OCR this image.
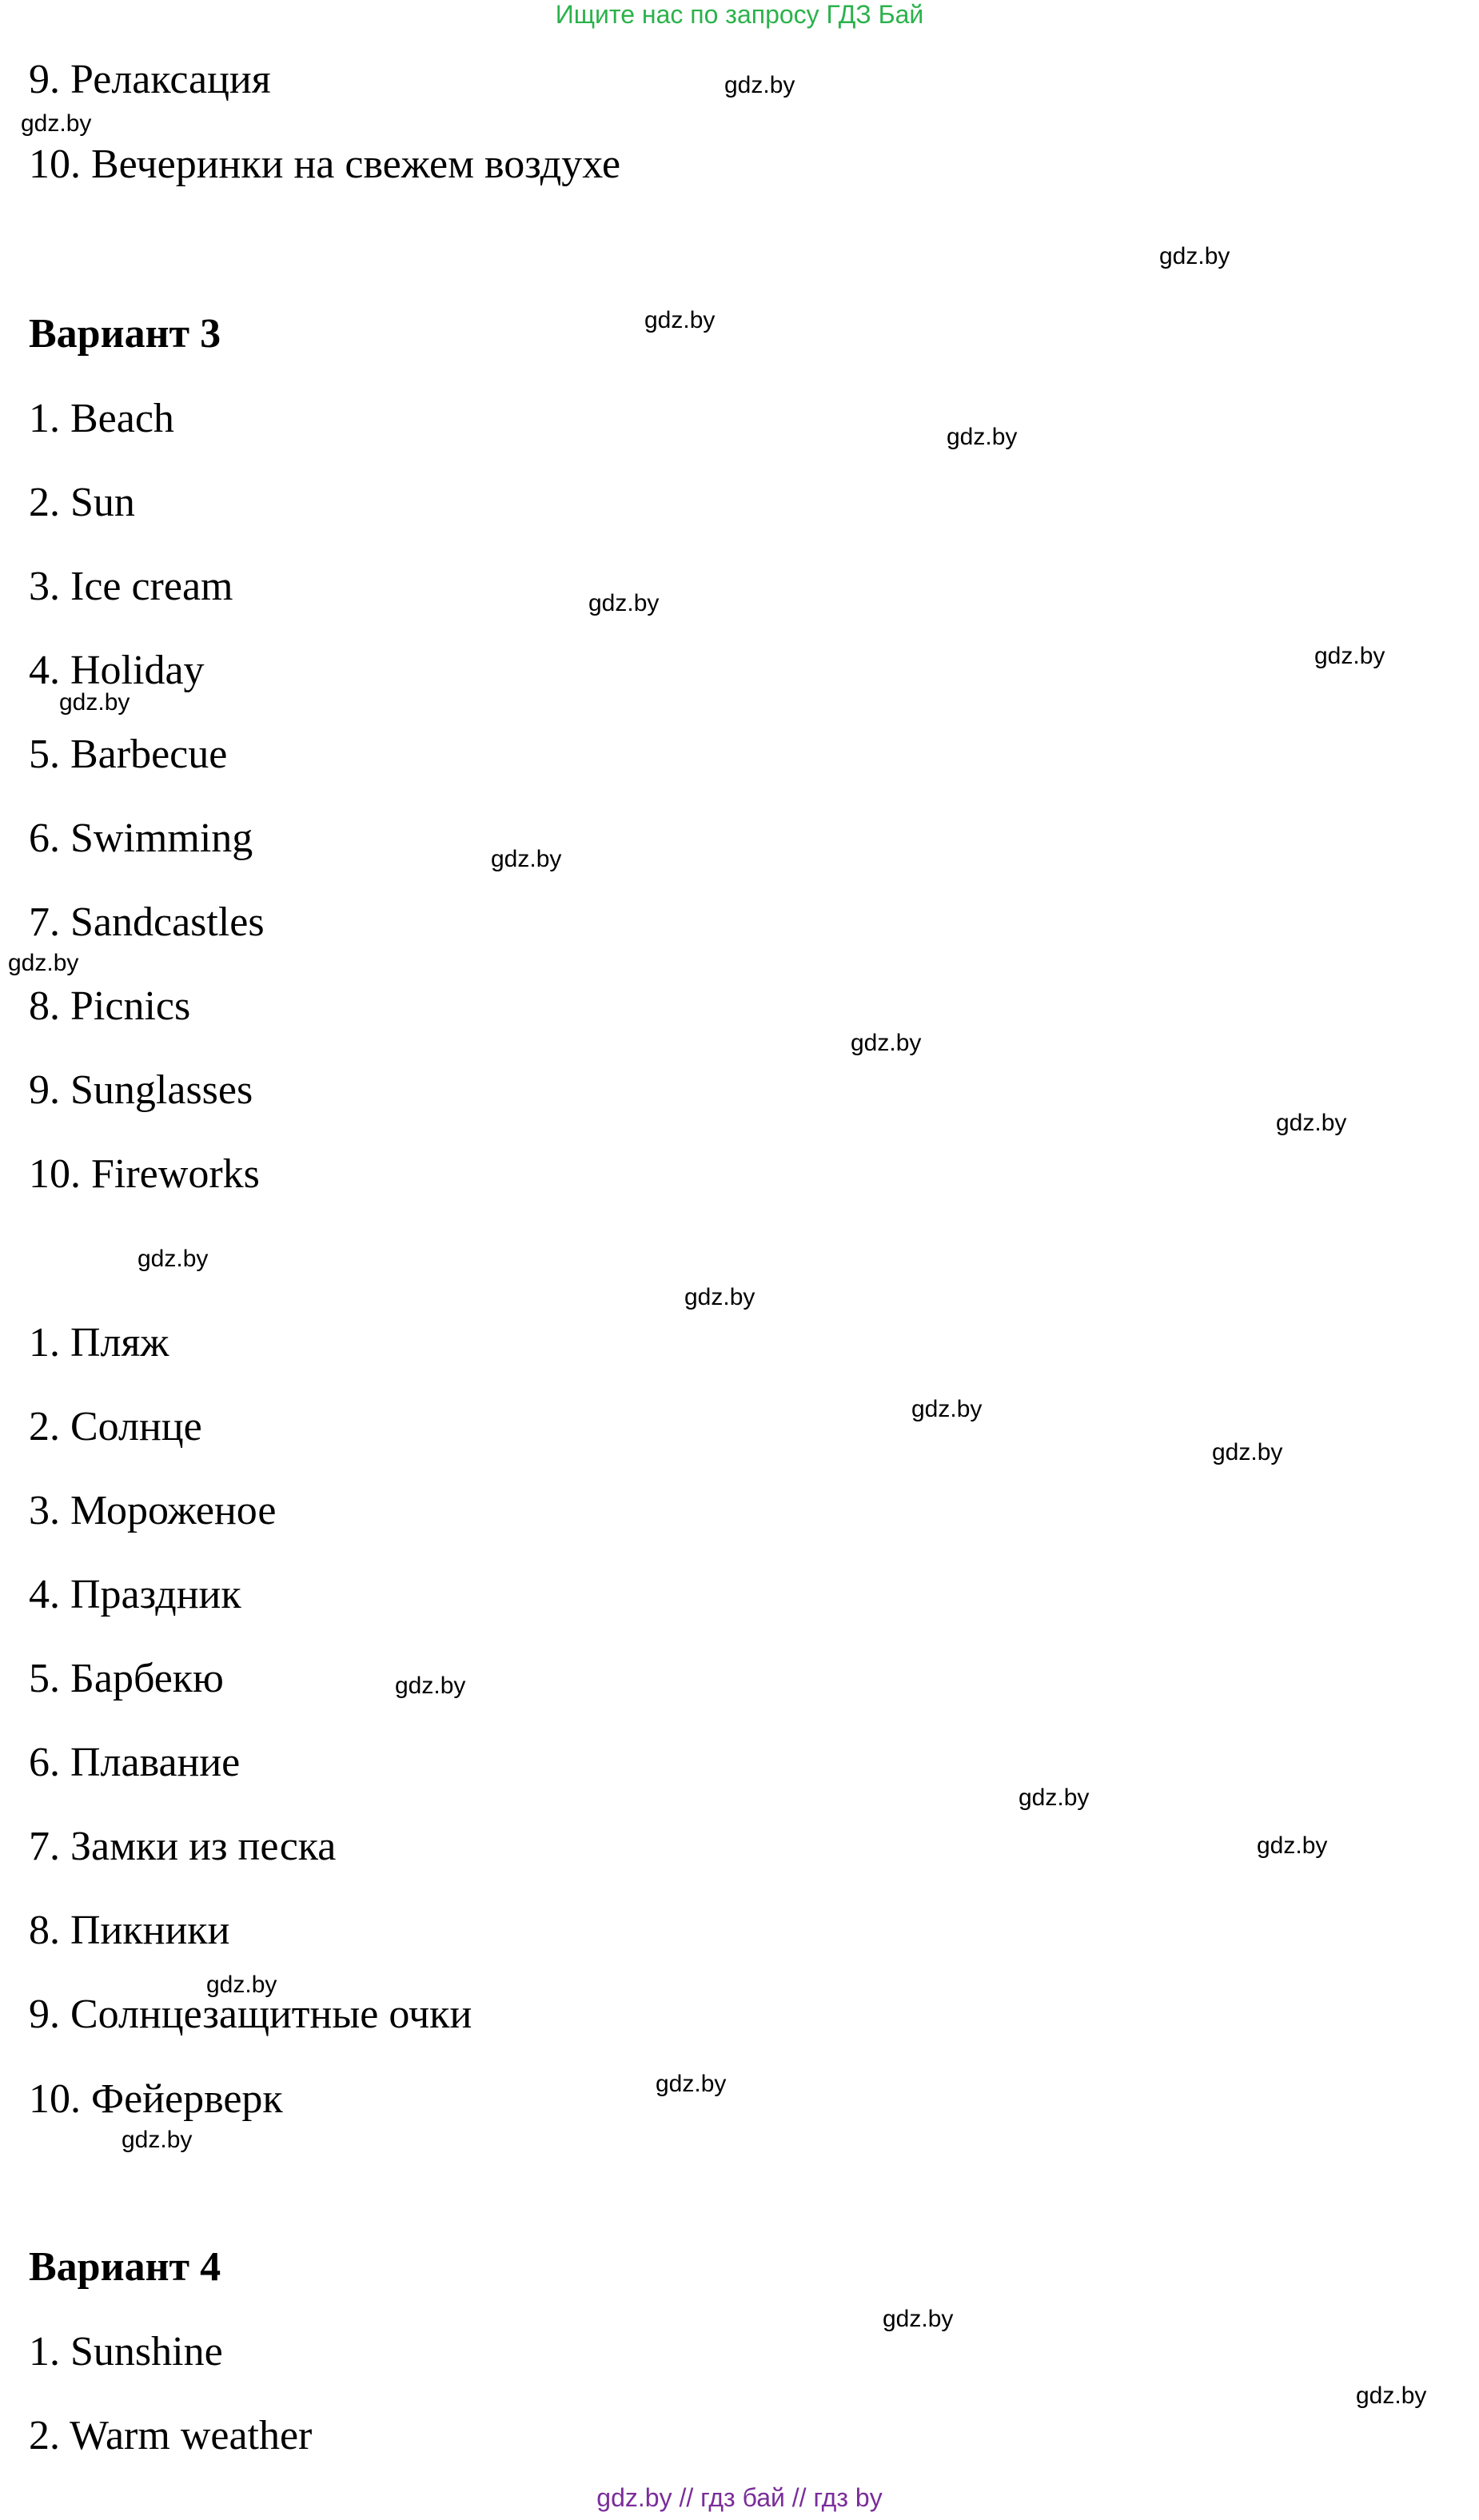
Ищите нас по запросу ГДЗ Бай
9. Релаксация
10. Вечеринки на свежем воздухе
Вариант 3
1. Beach
2. Sun
3. Ice cream
4. Holiday
5. Barbecue
6. Swimming
7. Sandcastles
8. Picnics
9. Sunglasses
10. Fireworks
1. Пляж
2. Солнце
3. Мороженое
4. Праздник
5. Барбекю
6. Плавание
7. Замки из песка
8. Пикники
9. Солнцезащитные очки
10. Фейерверк
Вариант 4
1. Sunshine
2. Warm weather
gdz.by
gdz.by
gdz.by
gdz.by
gdz.by
gdz.by
gdz.by
gdz.by
gdz.by
gdz.by
gdz.by
gdz.by
gdz.by
gdz.by
gdz.by
gdz.by
gdz.by
gdz.by
gdz.by
gdz.by
gdz.by
gdz.by
gdz.by
gdz.by
gdz.by // гдз бай // гдз by
